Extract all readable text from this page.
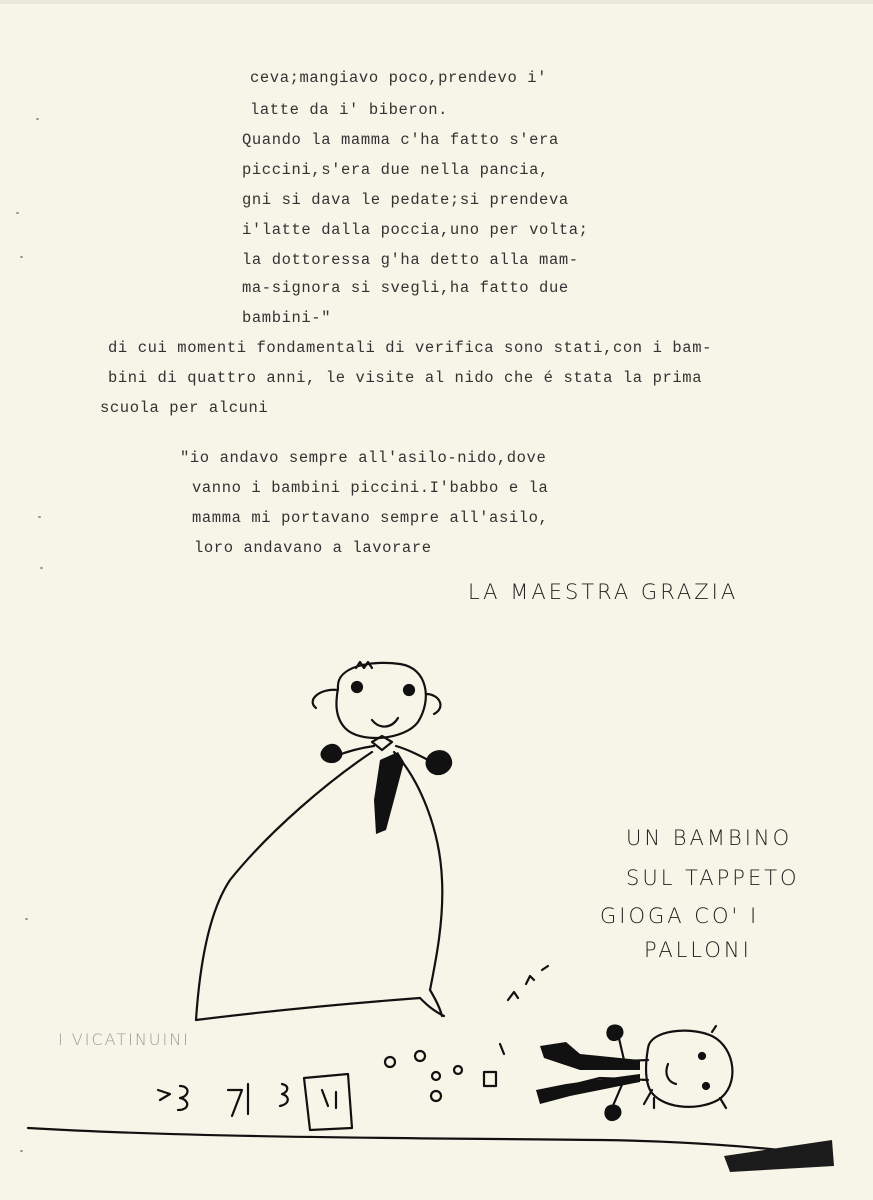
ceva;mangiavo poco,prendevo i'
latte da i' biberon.
Quando la mamma c'ha fatto s'era
piccini,s'era due nella pancia,
gni si dava le pedate;si prendeva
i'latte dalla poccia,uno per volta;
la dottoressa g'ha detto alla mam-
ma-signora si svegli,ha fatto due
bambini-"
di cui momenti fondamentali di verifica sono stati,con i bam-
bini di quattro anni, le visite al nido che é stata la prima
scuola per alcuni
"io andavo sempre all'asilo-nido,dove
vanno i bambini piccini.I'babbo e la
mamma mi portavano sempre all'asilo,
loro andavano a lavorare
LA MAESTRA GRAZIA
UN BAMBINO
SUL TAPPETO
GIOGA CO' I
PALLONI
I VICATINUINI
